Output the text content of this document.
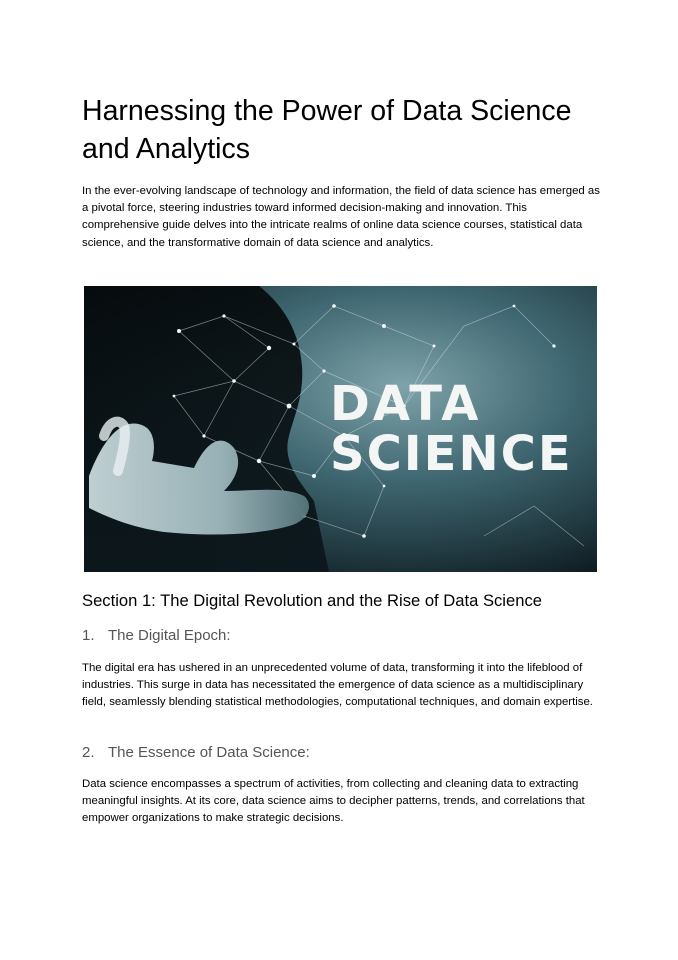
Harnessing the Power of Data Science and Analytics

In the ever-evolving landscape of technology and information, the field of data science has emerged as a pivotal force, steering industries toward informed decision-making and innovation. This comprehensive guide delves into the intricate realms of online data science courses, statistical data science, and the transformative domain of data science and analytics.

DATA
SCIENCE
Section 1: The Digital Revolution and the Rise of Data Science
1. The Digital Epoch:

The digital era has ushered in an unprecedented volume of data, transforming it into the lifeblood of industries. This surge in data has necessitated the emergence of data science as a multidisciplinary field, seamlessly blending statistical methodologies, computational techniques, and domain expertise.

2. The Essence of Data Science:

Data science encompasses a spectrum of activities, from collecting and cleaning data to extracting meaningful insights. At its core, data science aims to decipher patterns, trends, and correlations that empower organizations to make strategic decisions.
